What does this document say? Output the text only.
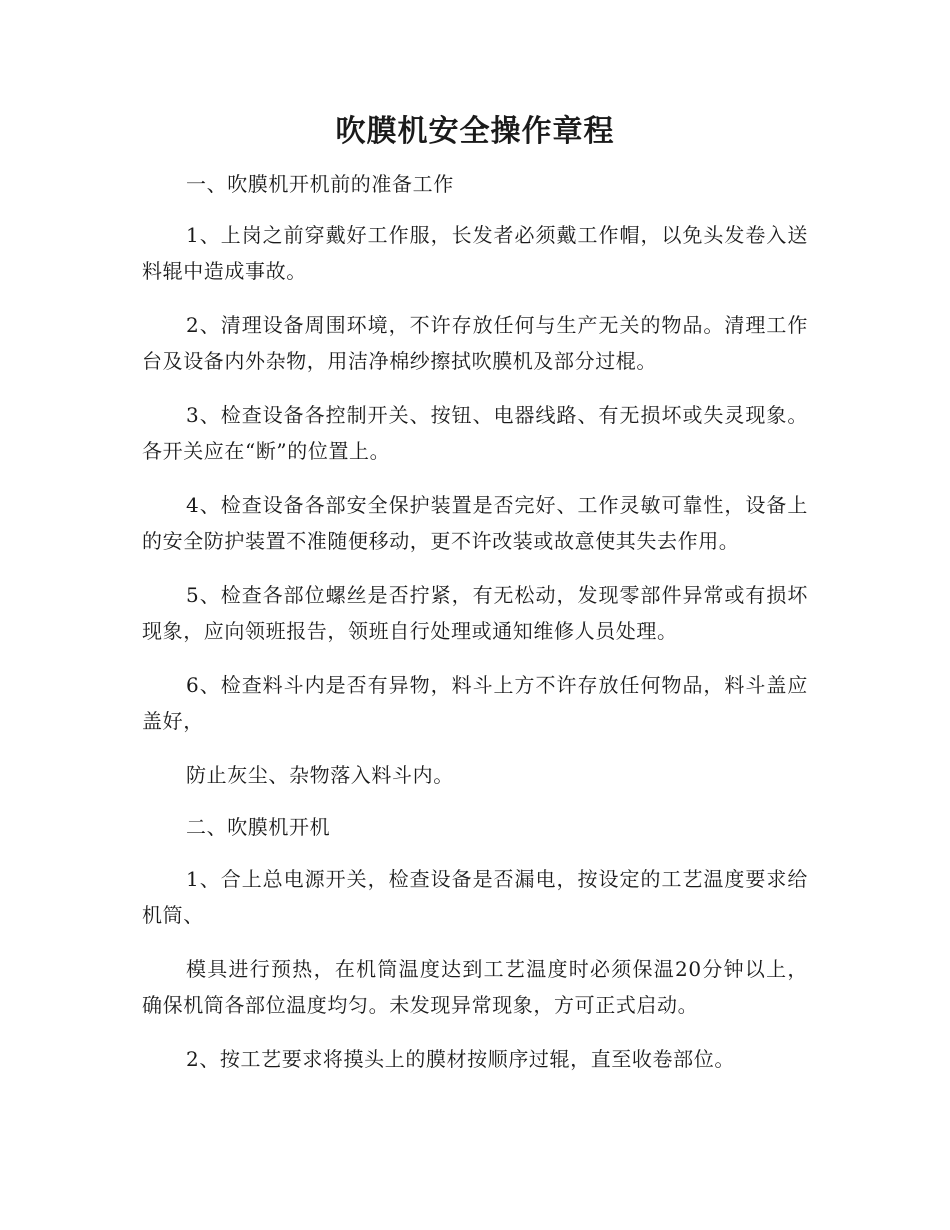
吹膜机安全操作章程

一、吹膜机开机前的准备工作

1、上岗之前穿戴好工作服，长发者必须戴工作帽，以免头发卷入送料辊中造成事故。

2、清理设备周围环境，不许存放任何与生产无关的物品。清理工作台及设备内外杂物，用洁净棉纱擦拭吹膜机及部分过棍。

3、检查设备各控制开关、按钮、电器线路、有无损坏或失灵现象。各开关应在“断”的位置上。

4、检查设备各部安全保护装置是否完好、工作灵敏可靠性，设备上的安全防护装置不准随便移动，更不许改装或故意使其失去作用。

5、检查各部位螺丝是否拧紧，有无松动，发现零部件异常或有损坏现象，应向领班报告，领班自行处理或通知维修人员处理。

6、检查料斗内是否有异物，料斗上方不许存放任何物品，料斗盖应盖好，

防止灰尘、杂物落入料斗内。

二、吹膜机开机

1、合上总电源开关，检查设备是否漏电，按设定的工艺温度要求给机筒、

模具进行预热，在机筒温度达到工艺温度时必须保温20分钟以上，确保机筒各部位温度均匀。未发现异常现象，方可正式启动。

2、按工艺要求将摸头上的膜材按顺序过辊，直至收卷部位。
